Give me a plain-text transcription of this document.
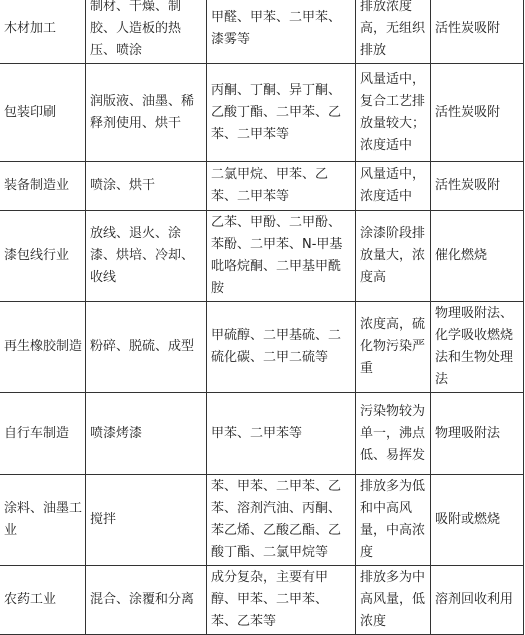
木材加工	制材、干燥、制胶、人造板的热压、喷涂	甲醛、甲苯、二甲苯、漆雾等	排放浓度高，无组织排放	活性炭吸附
包装印刷	润版液、油墨、稀释剂使用、烘干	丙酮、丁酮、异丁酮、乙酸丁酯、二甲苯、乙苯、二甲苯等	风量适中，复合工艺排放量较大；浓度适中	活性炭吸附
装备制造业	喷涂、烘干	二氯甲烷、甲苯、乙苯、二甲苯等	风量适中，浓度适中	活性炭吸附
漆包线行业	放线、退火、涂漆、烘培、冷却、收线	乙苯、甲酚、二甲酚、苯酚、二甲苯、N-甲基吡咯烷酮、二甲基甲酰胺	涂漆阶段排放量大，浓度高	催化燃烧
再生橡胶制造	粉碎、脱硫、成型	甲硫醇、二甲基硫、二硫化碳、二甲二硫等	浓度高，硫化物污染严重	物理吸附法、化学吸收燃烧法和生物处理法
自行车制造	喷漆烤漆	甲苯、二甲苯等	污染物较为单一，沸点低、易挥发	物理吸附法
涂料、油墨工业	搅拌	苯、甲苯、二甲苯、乙苯、溶剂汽油、丙酮、苯乙烯、乙酸乙酯、乙酸丁酯、二氯甲烷等	排放多为低和中高风量，中高浓度	吸附或燃烧
农药工业	混合、涂覆和分离	成分复杂，主要有甲醇、甲苯、二甲苯、苯、乙苯等	排放多为中高风量，低浓度	溶剂回收利用
